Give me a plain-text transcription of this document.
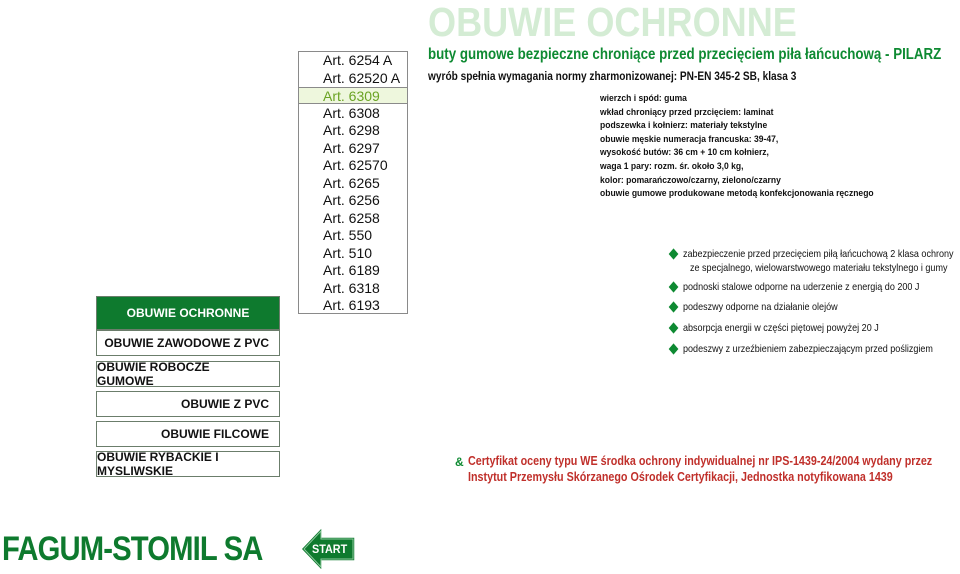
OBUWIE OCHRONNE
buty gumowe bezpieczne chroniące przed przecięciem piła łańcuchową - PILARZ
wyrób spełnia wymagania normy zharmonizowanej: PN-EN 345-2 SB, klasa 3
OBUWIE OCHRONNE
OBUWIE ZAWODOWE Z PVC
OBUWIE ROBOCZE GUMOWE
OBUWIE Z PVC
OBUWIE FILCOWE
OBUWIE RYBACKIE I MYSLIWSKIE
Art. 6254 A
Art. 62520 A
Art. 6309
Art. 6308
Art. 6298
Art. 6297
Art. 62570
Art. 6265
Art. 6256
Art. 6258
Art. 550
Art. 510
Art. 6189
Art. 6318
Art. 6193
wierzch i spód: guma
wkład chroniący przed przcięciem: laminat
podszewka i kołnierz: materiały tekstylne
obuwie męskie numeracja francuska: 39-47,
wysokość butów: 36 cm + 10 cm kołnierz,
waga 1 pary: rozm. śr. około 3,0 kg,
kolor: pomarańczowo/czarny, zielono/czarny
obuwie gumowe produkowane metodą konfekcjonowania ręcznego
zabezpieczenie przed przecięciem piłą łańcuchową 2 klasa ochrony
ze specjalnego, wielowarstwowego materiału tekstylnego i gumy
podnoski stalowe odporne na uderzenie z energią do 200 J
podeszwy odporne na działanie olejów
absorpcja energii w części piętowej powyżej 20 J
podeszwy z urzeźbieniem zabezpieczającym przed poślizgiem
& Certyfikat oceny typu WE środka ochrony indywidualnej nr IPS-1439-24/2004 wydany przez
Instytut Przemysłu Skórzanego Ośrodek Certyfikacji, Jednostka notyfikowana 1439
FAGUM-STOMIL SA	START
